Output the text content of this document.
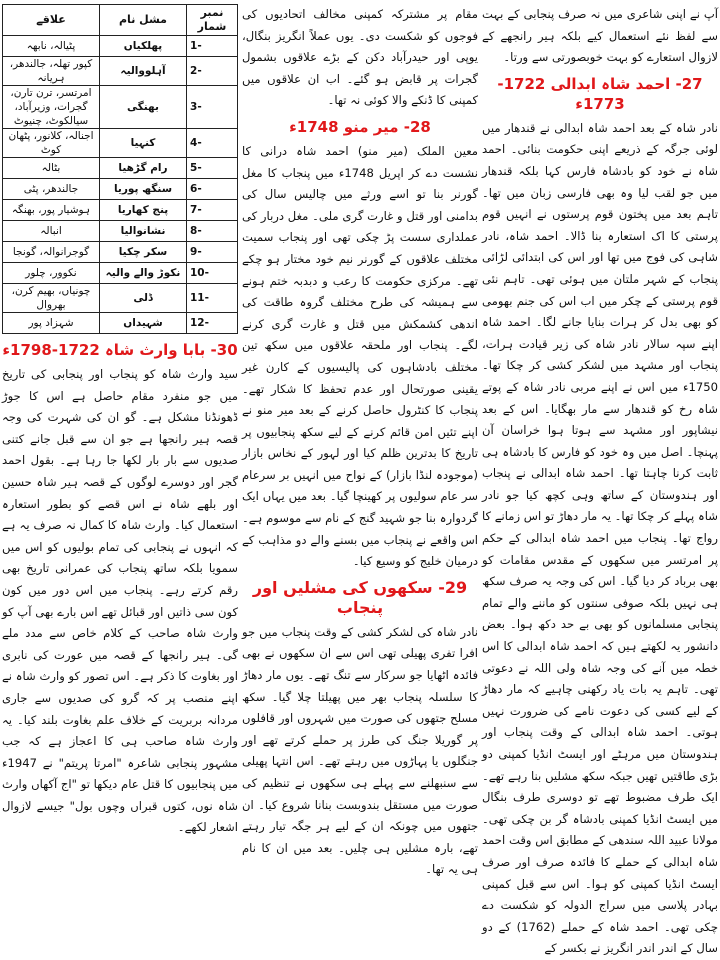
آپ نے اپنی شاعری میں نہ صرف پنجابی کے بہت سے لفظ نئے استعمال کیے بلکہ ہیر رانجھے کے لازوال استعارے کو بہت خوبصورتی سے ورتا۔

27- احمد شاہ ابدالی 1722-1773ء

نادر شاہ کے بعد احمد شاہ ابدالی نے قندھار میں لوئی جرگہ کے ذریعے اپنی حکومت بنائی۔ احمد شاہ نے خود کو بادشاہ فارس کہا بلکہ قندھار میں جو لقب لیا وہ بھی فارسی زبان میں تھا۔ تاہم بعد میں پختون قوم پرستوں نے انہیں قوم پرستی کا اک استعارہ بنا ڈالا۔ احمد شاہ، نادر شاہی کی فوج میں تھا اور اس کی ابتدائی لڑائی پنجاب کے شہر ملتان میں ہوئی تھی۔ تاہم نئی قوم پرستی کے چکر میں اب اس کی جنم بھومی کو بھی بدل کر ہرات بنایا جانے لگا۔ احمد شاہ اپنے سپہ سالار نادر شاہ کی زیر قیادت ہرات، پنجاب اور مشہد میں لشکر کشی کر چکا تھا۔ 1750ء میں اس نے اپنے مربی نادر شاہ کے پوتے شاہ رخ کو قندھار سے مار بھگایا۔ اس کے بعد نیشاپور اور مشہد سے ہوتا ہوا خراسان آن پہنچا۔ اصل میں وہ خود کو فارس کا بادشاہ ہی ثابت کرنا چاہتا تھا۔ احمد شاہ ابدالی نے پنجاب اور ہندوستان کے ساتھ وہی کچھ کیا جو نادر شاہ پہلے کر چکا تھا۔ یہ مار دھاڑ تو اس زمانے کا رواج تھا۔ پنجاب میں احمد شاہ ابدالی کے حکم پر امرتسر میں سکھوں کے مقدس مقامات کو بھی برباد کر دیا گیا۔ اس کی وجہ یہ صرف سکھ ہی نہیں بلکہ صوفی سنتوں کو ماننے والے تمام پنجابی مسلمانوں کو بھی بے حد دکھ ہوا۔ بعض دانشور یہ لکھتے ہیں کہ احمد شاہ ابدالی کا اس خطہ میں آنے کی وجہ شاہ ولی اللہ نے دعوتی تھی۔ تاہم یہ بات یاد رکھنی چاہیے کہ مار دھاڑ کے لیے کسی کی دعوت نامے کی ضرورت نہیں ہوتی۔ احمد شاہ ابدالی کے وقت پنجاب اور ہندوستان میں مرہٹے اور ایسٹ انڈیا کمپنی دو بڑی طاقتیں تھیں جبکہ سکھ مشلیں بنا رہے تھے۔ ایک طرف مضبوط تھے تو دوسری طرف بنگال میں ایسٹ انڈیا کمپنی بادشاہ گر بن چکی تھی۔ مولانا عبید اللہ سندھی کے مطابق اس وقت احمد شاہ ابدالی کے حملے کا فائدہ صرف اور صرف ایسٹ انڈیا کمپنی کو ہوا۔ اس سے قبل کمپنی بہادر پلاسی میں سراج الدولہ کو شکست دے چکی تھی۔ احمد شاہ کے حملے (1762) کے دو سال کے اندر اندر انگریز نے بکسر کے

مقام پر مشترکہ کمپنی مخالف اتحادیوں کی فوجوں کو شکست دی۔ یوں عملاً انگریز بنگال، یوپی اور حیدرآباد دکن کے بڑے علاقوں بشمول گجرات پر قابض ہو گئے۔ اب ان علاقوں میں کمپنی کا ڈنکے والا کوئی نہ تھا۔

28- میر منو 1748ء

معین الملک (میر منو) احمد شاہ درانی کا نشست دے کر اپریل 1748ء میں پنجاب کا مغل گورنر بنا تو اسے ورثے میں چالیس سال کی بدامنی اور قتل و غارت گری ملی۔ مغل دربار کی عملداری سست پڑ چکی تھی اور پنجاب سمیت مختلف علاقوں کے گورنر نیم خود مختار ہو چکے تھے۔ مرکزی حکومت کا رعب و دبدبہ ختم ہونے سے ہمیشہ کی طرح مختلف گروہ طاقت کی اندھی کشمکش میں قتل و غارت گری کرنے لگے۔ پنجاب اور ملحقہ علاقوں میں سکھ تین مختلف بادشاہوں کی پالیسیوں کے کارن غیر یقینی صورتحال اور عدم تحفظ کا شکار تھے۔ پنجاب کا کنٹرول حاصل کرنے کے بعد میر منو نے اپنے تئیں امن قائم کرنے کے لیے سکھ پنجابیوں پر تاریخ کا بدترین ظلم کیا اور لہور کے نخاس بازار (موجودہ لنڈا بازار) کے نواح میں انہیں بر سرعام سر عام سولیوں پر کھینچا گیا۔ بعد میں یہاں ایک گردوارہ بنا جو شہید گنج کے نام سے موسوم ہے۔ اس واقعے نے پنجاب میں بسنے والے دو مذاہب کے درمیان خلیج کو وسیع کیا۔

29- سکھوں کی مشلیں اور پنجاب

نادر شاہ کی لشکر کشی کے وقت پنجاب میں جو افرا تفری پھیلی تھی اس سے ان سکھوں نے بھی فائدہ اٹھایا جو سرکار سے تنگ تھے۔ یوں مار دھاڑ کا سلسلہ پنجاب بھر میں پھیلتا چلا گیا۔ سکھ مسلح جتھوں کی صورت میں شہروں اور قافلوں پر گوریلا جنگ کی طرز پر حملے کرتے تھے اور جنگلوں یا پہاڑوں میں رہتے تھے۔ اس انتہا پھیلی سے سنبھلنے سے پہلے ہی سکھوں نے تنظیم کی صورت میں مستقل بندوبست بنانا شروع کیا۔ ان جتھوں میں چونکہ ان کے لیے ہر جگہ تیار رہتے تھے، بارہ مشلیں ہی چلیں۔ بعد میں ان کا نام ہی یہ تھا۔

نمبر شمار	مشل نام	علاقے
-1	پھلکیاں	پٹیالہ، نابھہ
-2	آہلووالیہ	کپور تھلہ، جالندھر، ہریانہ
-3	بھنگی	امرتسر، ترن تارن، گجرات، وزیرآباد، سیالکوٹ، چنیوٹ
-4	کنہیا	اجنالہ، کلانور، پٹھان کوٹ
-5	رام گڑھیا	بٹالہ
-6	سنگھ پوریا	جالندھر، پٹی
-7	پنج کھاریا	ہوشیار پور، بھنگہ
-8	نشانوالیا	انبالہ
-9	سکر چکیا	گوجرانوالہ، گونجا
-10	نکوڑ والے والیہ	نکوور، چلور
-11	ڈلی	چونیاں، بھیم کرن، بھروال
-12	شہیداں	شہزاد پور
30- بابا وارث شاہ 1722-1798ء

سید وارث شاہ کو پنجاب اور پنجابی کی تاریخ میں جو منفرد مقام حاصل ہے اس کا جوڑ ڈھونڈنا مشکل ہے۔ گو ان کی شہرت کی وجہ قصہ ہیر رانجھا ہے جو ان سے قبل جانے کتنی صدیوں سے بار بار لکھا جا رہا ہے۔ بقول احمد گجر اور دوسرے لوگوں کے قصہ ہیر شاہ حسین اور بلھے شاہ نے اس قصے کو بطور استعارہ استعمال کیا۔ وارث شاہ کا کمال نہ صرف یہ ہے کہ انہوں نے پنجابی کی تمام بولیوں کو اس میں سمویا بلکہ ساتھ پنجاب کی عمرانی تاریخ بھی رقم کرتے رہے۔ پنجاب میں اس دور میں کون کون سی ذاتیں اور قبائل تھے اس بارے بھی آپ کو وارث شاہ صاحب کے کلام خاص سے مدد ملے گی۔ ہیر رانجھا کے قصہ میں عورت کی نابری اور بغاوت کا ذکر ہے۔ اس تصور کو وارث شاہ نے اپنے منصب پر کہ گرو کی صدیوں سے جاری مردانہ بربریت کے خلاف علم بغاوت بلند کیا۔ یہ وارث شاہ صاحب ہی کا اعجاز ہے کہ جب مشہور پنجابی شاعرہ "امرتا پریتم" نے 1947ء میں پنجابیوں کا قتل عام دیکھا تو "اج آکھاں وارث شاہ نوں، کتوں قبراں وچوں بول" جیسے لازوال اشعار لکھے۔
